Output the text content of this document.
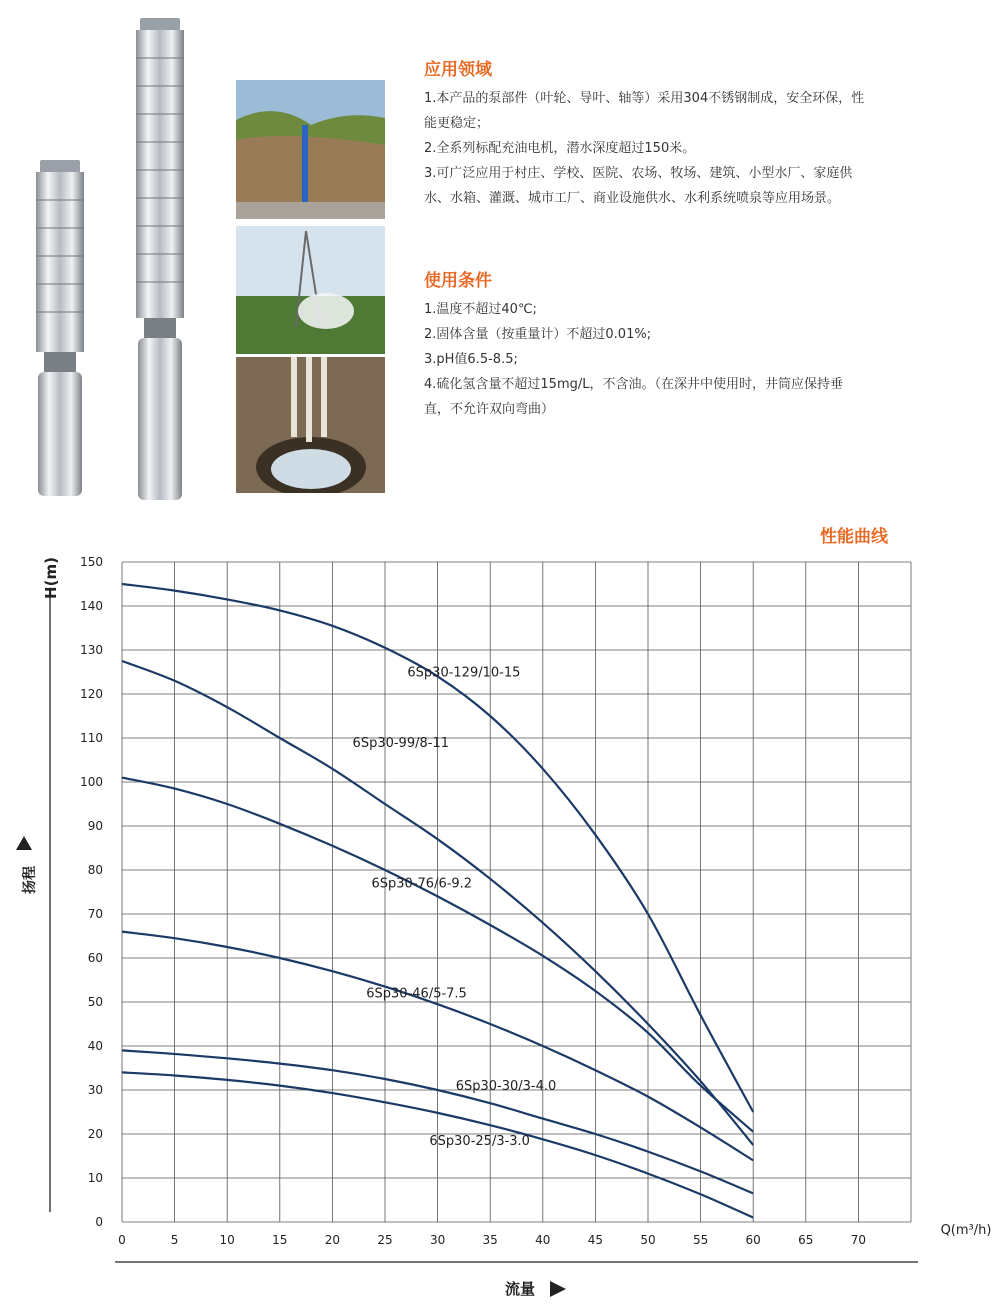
应用领域

1.本产品的泵部件（叶轮、导叶、轴等）采用304不锈钢制成，安全环保，性

能更稳定；

2.全系列标配充油电机，潜水深度超过150米。

3.可广泛应用于村庄、学校、医院、农场、牧场、建筑、小型水厂、家庭供

水、水箱、灌溉、城市工厂、商业设施供水、水利系统喷泉等应用场景。

使用条件

1.温度不超过40℃;

2.固体含量（按重量计）不超过0.01%;

3.pH值6.5-8.5;

4.硫化氢含量不超过15mg/L，不含油。（在深井中使用时，井筒应保持垂

直，不允许双向弯曲）

性能曲线
0
10
20
30
40
50
60
70
80
90
100
110
120
130
140
150
0	5	10	15	20	25	30	35	40	45	50	55	60	65	70
6Sp30-129/10-15
6Sp30-99/8-11
6Sp30-76/6-9.2
6Sp30-46/5-7.5
6Sp30-30/3-4.0
6Sp30-25/3-3.0
H(m)
扬程
Q(m³/h)
流量
